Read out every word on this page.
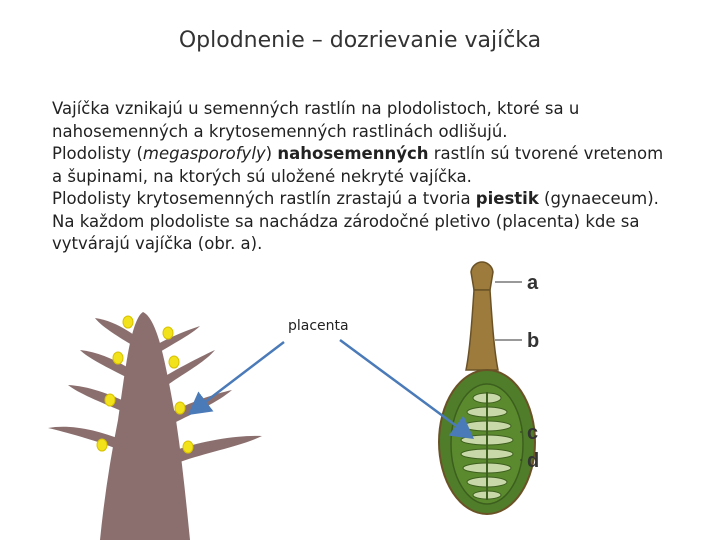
Oplodnenie – dozrievanie vajíčka

Vajíčka vznikajú u semenných rastlín na plodolistoch, ktoré sa u nahosemenných a krytosemenných rastlinách odlišujú.

Plodolisty (megasporofyly) nahosemenných rastlín sú tvorené vretenom a šupinami, na ktorých sú uložené nekryté vajíčka.

Plodolisty krytosemenných rastlín zrastajú a tvoria piestik (gynaeceum).

Na každom plodoliste sa nachádza zárodočné pletivo (placenta) kde sa vytvárajú vajíčka (obr. a).

a
b
c
d
placenta
